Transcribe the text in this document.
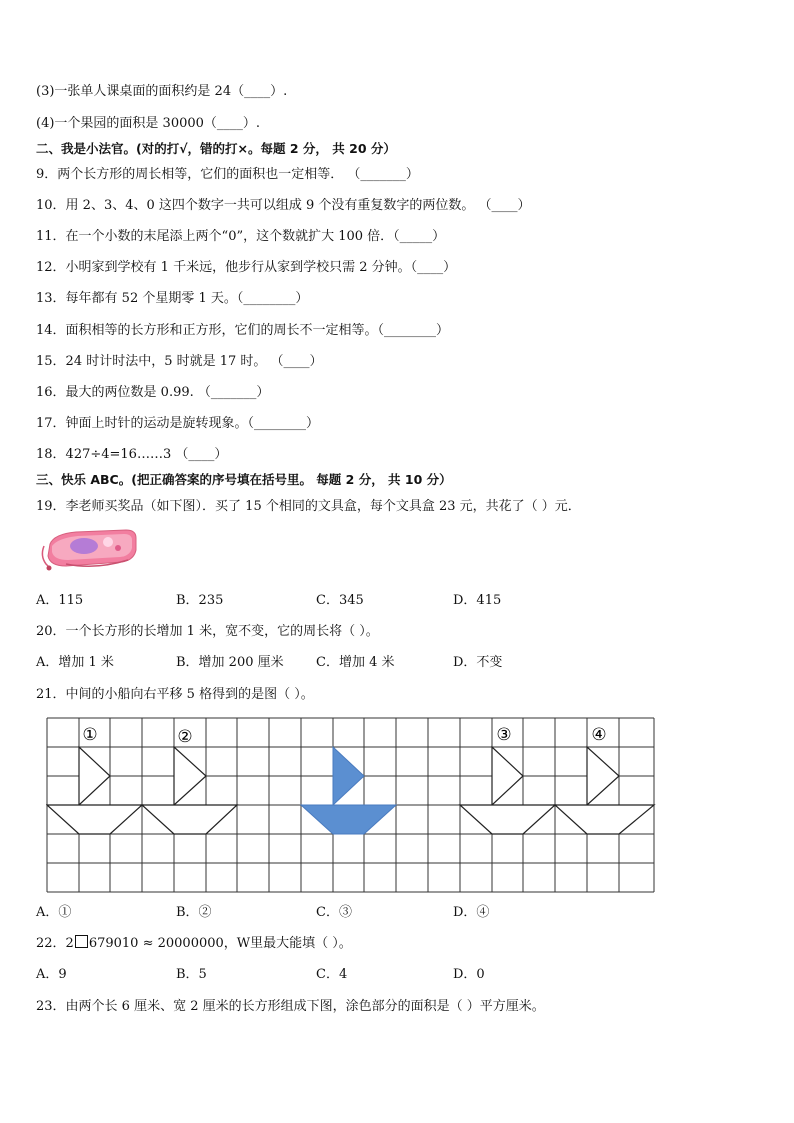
(3)一张单人课桌面的面积约是 24（____）.
(4)一个果园的面积是 30000（____）.
二、我是小法官。(对的打√，错的打×。每题 2 分， 共 20 分）
9．两个长方形的周长相等，它们的面积也一定相等． （_______）
10．用 2、3、4、0 这四个数字一共可以组成 9 个没有重复数字的两位数。 （____）
11．在一个小数的末尾添上两个“0”，这个数就扩大 100 倍．（_____）
12．小明家到学校有 1 千米远，他步行从家到学校只需 2 分钟。（____）
13．每年都有 52 个星期零 1 天。（________）
14．面积相等的长方形和正方形，它们的周长不一定相等。（________）
15．24 时计时法中，5 时就是 17 时。 （____）
16．最大的两位数是 0.99. （_______）
17．钟面上时针的运动是旋转现象。（________）
18．427÷4=16……3 （____）
三、快乐 ABC。(把正确答案的序号填在括号里。 每题 2 分， 共 10 分）
19．李老师买奖品（如下图）．买了 15 个相同的文具盒，每个文具盒 23 元，共花了（ ）元．
A．115	B．235	C．345	D．415
20．一个长方形的长增加 1 米，宽不变，它的周长将（ ）。
A．增加 1 米	B．增加 200 厘米 C．增加 4 米	D．不变
21．中间的小船向右平移 5 格得到的是图（ ）。
①	②	③	④
A．①	B．②	C．③	D．④
22．2 679010 ≈ 20000000，W里最大能填（ ）。
A．9	B．5	C．4	D．0
23．由两个长 6 厘米、宽 2 厘米的长方形组成下图，涂色部分的面积是（ ）平方厘米。
